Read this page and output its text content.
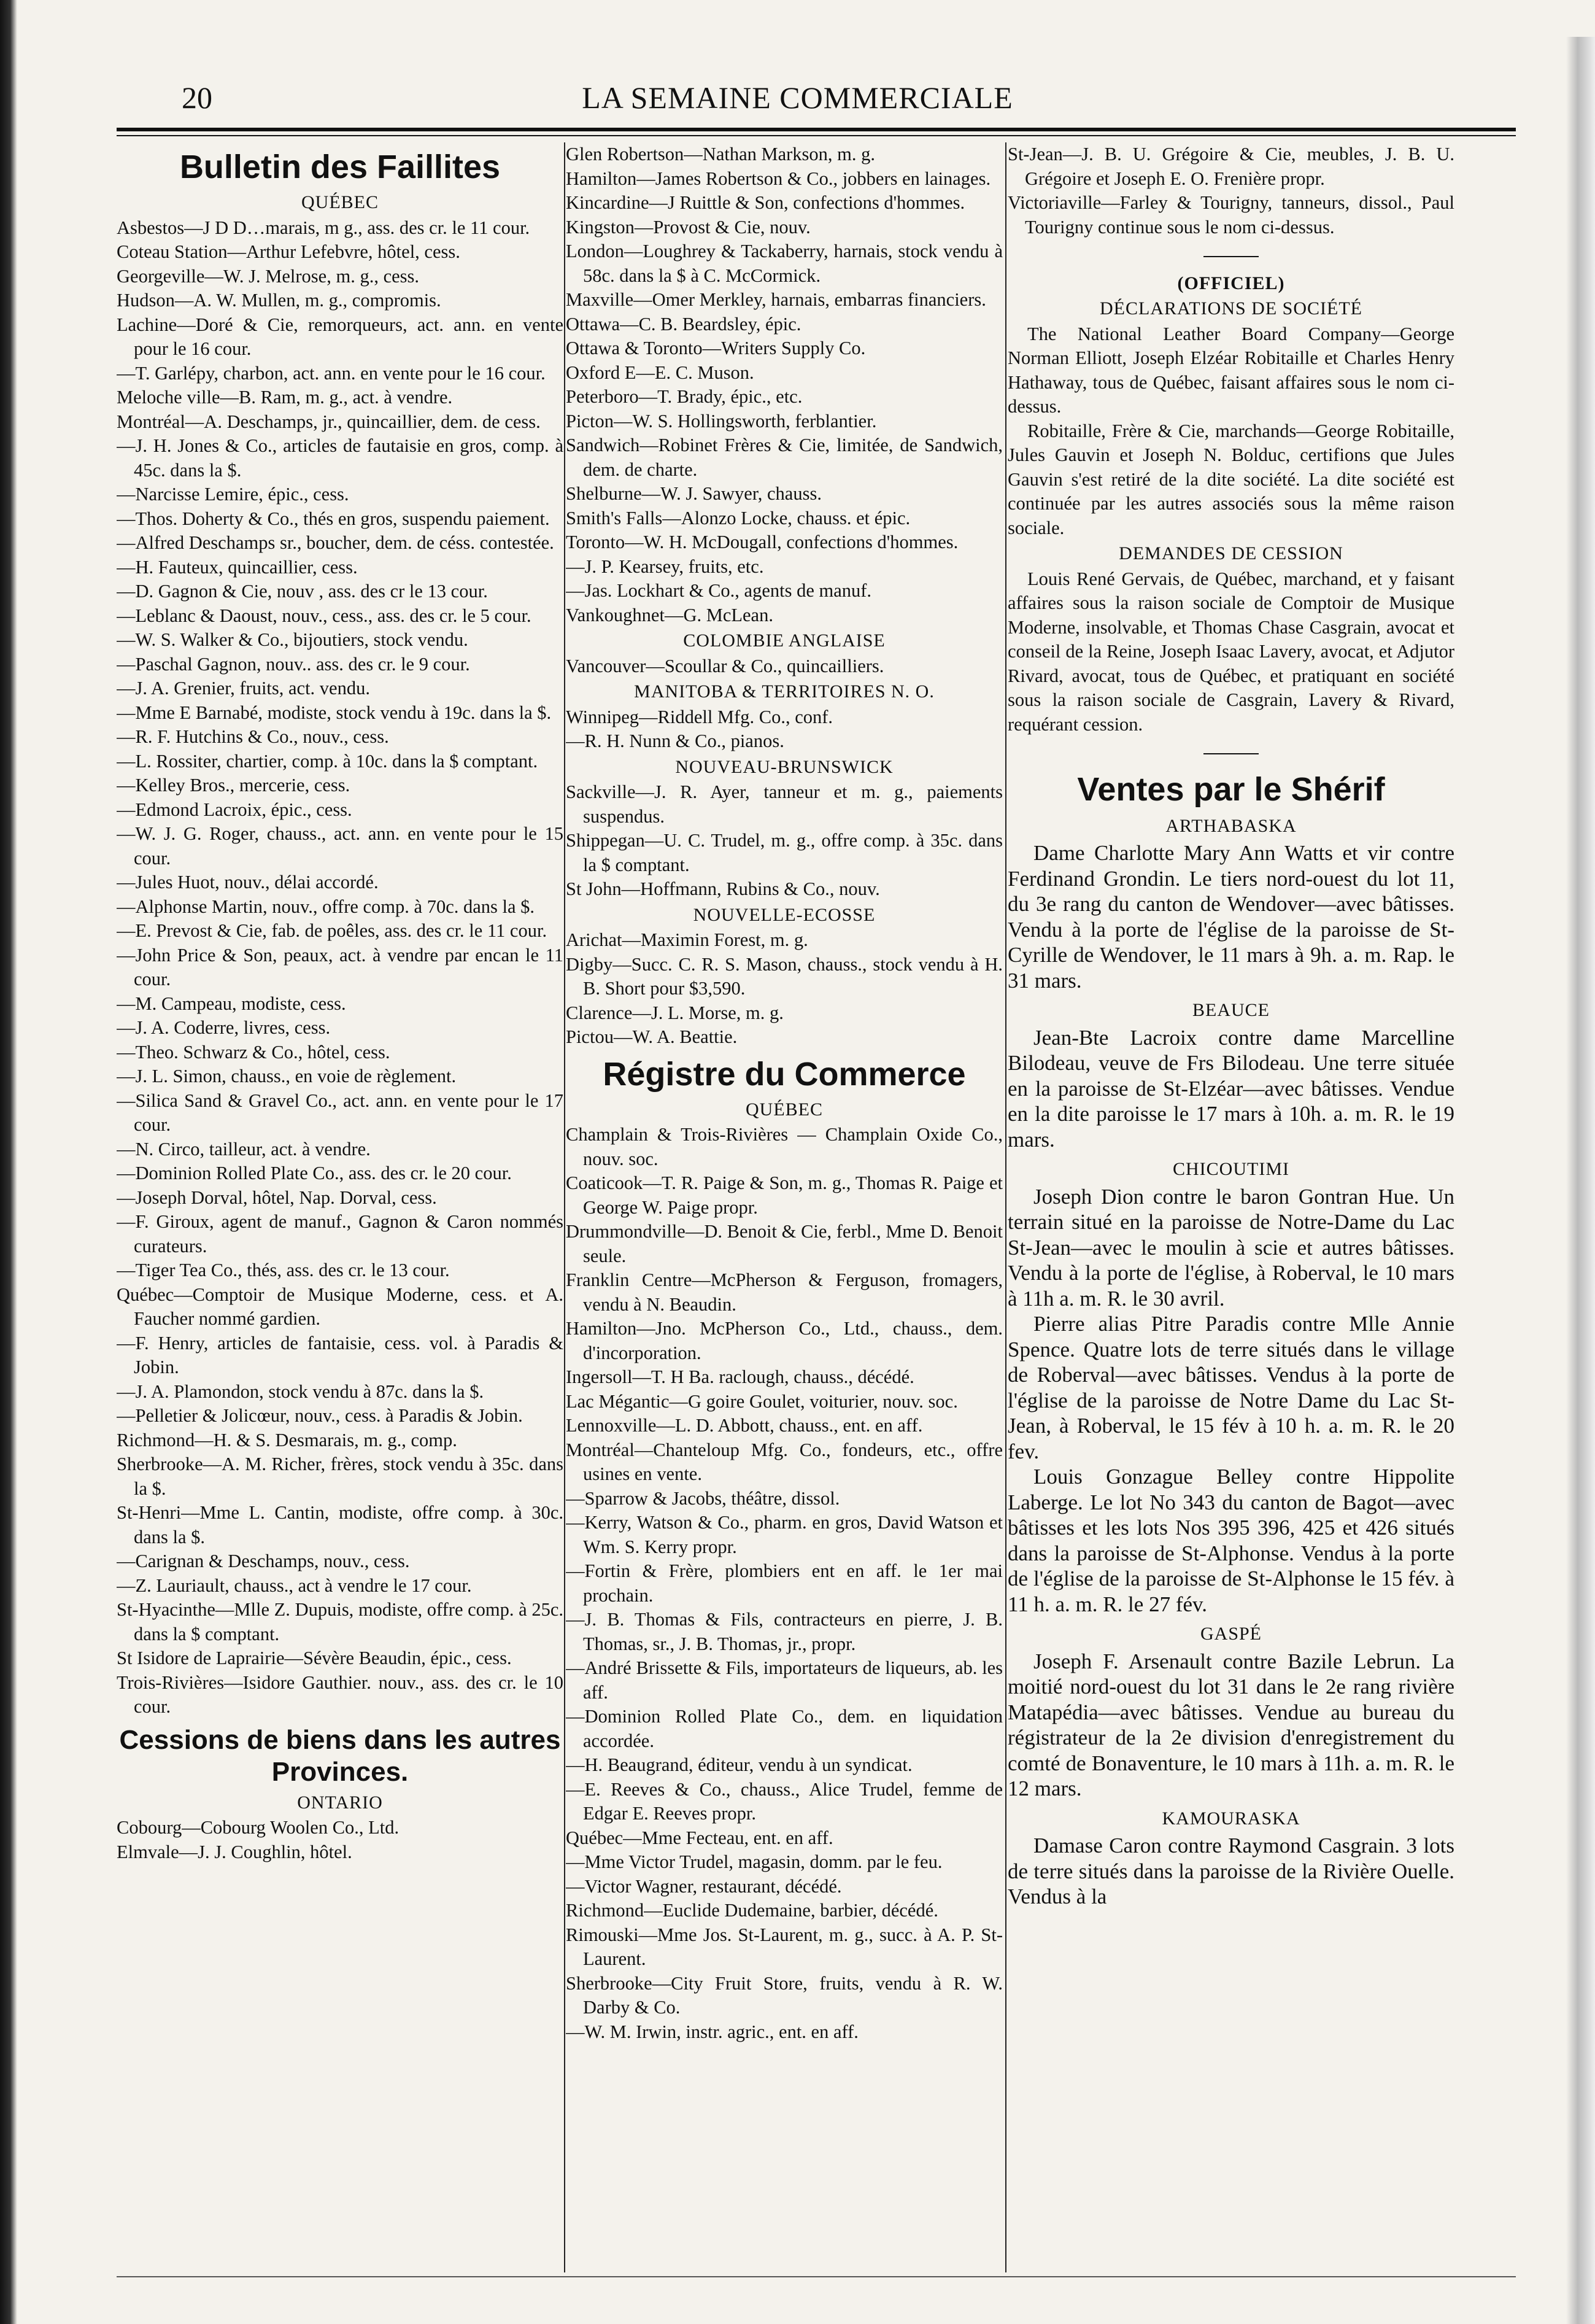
20	LA SEMAINE COMMERCIALE
Bulletin des Faillites
QUÉBEC

Asbestos—J D D…marais, m g., ass. des cr. le 11 cour.

Coteau Station—Arthur Lefebvre, hôtel, cess.

Georgeville—W. J. Melrose, m. g., cess.

Hudson—A. W. Mullen, m. g., compromis.

Lachine—Doré & Cie, remorqueurs, act. ann. en vente pour le 16 cour.

—T. Garlépy, charbon, act. ann. en vente pour le 16 cour.

Meloche ville—B. Ram, m. g., act. à vendre.

Montréal—A. Deschamps, jr., quincaillier, dem. de cess.

—J. H. Jones & Co., articles de fautaisie en gros, comp. à 45c. dans la $.

—Narcisse Lemire, épic., cess.

—Thos. Doherty & Co., thés en gros, suspendu paiement.

—Alfred Deschamps sr., boucher, dem. de céss. contestée.

—H. Fauteux, quincaillier, cess.

—D. Gagnon & Cie, nouv , ass. des cr le 13 cour.

—Leblanc & Daoust, nouv., cess., ass. des cr. le 5 cour.

—W. S. Walker & Co., bijoutiers, stock vendu.

—Paschal Gagnon, nouv.. ass. des cr. le 9 cour.

—J. A. Grenier, fruits, act. vendu.

—Mme E Barnabé, modiste, stock vendu à 19c. dans la $.

—R. F. Hutchins & Co., nouv., cess.

—L. Rossiter, chartier, comp. à 10c. dans la $ comptant.

—Kelley Bros., mercerie, cess.

—Edmond Lacroix, épic., cess.

—W. J. G. Roger, chauss., act. ann. en vente pour le 15 cour.

—Jules Huot, nouv., délai accordé.

—Alphonse Martin, nouv., offre comp. à 70c. dans la $.

—E. Prevost & Cie, fab. de poêles, ass. des cr. le 11 cour.

—John Price & Son, peaux, act. à vendre par encan le 11 cour.

—M. Campeau, modiste, cess.

—J. A. Coderre, livres, cess.

—Theo. Schwarz & Co., hôtel, cess.

—J. L. Simon, chauss., en voie de règlement.

—Silica Sand & Gravel Co., act. ann. en vente pour le 17 cour.

—N. Circo, tailleur, act. à vendre.

—Dominion Rolled Plate Co., ass. des cr. le 20 cour.

—Joseph Dorval, hôtel, Nap. Dorval, cess.

—F. Giroux, agent de manuf., Gagnon & Caron nommés curateurs.

—Tiger Tea Co., thés, ass. des cr. le 13 cour.

Québec—Comptoir de Musique Moderne, cess. et A. Faucher nommé gardien.

—F. Henry, articles de fantaisie, cess. vol. à Paradis & Jobin.

—J. A. Plamondon, stock vendu à 87c. dans la $.

—Pelletier & Jolicœur, nouv., cess. à Paradis & Jobin.

Richmond—H. & S. Desmarais, m. g., comp.

Sherbrooke—A. M. Richer, frères, stock vendu à 35c. dans la $.

St-Henri—Mme L. Cantin, modiste, offre comp. à 30c. dans la $.

—Carignan & Deschamps, nouv., cess.

—Z. Lauriault, chauss., act à vendre le 17 cour.

St-Hyacinthe—Mlle Z. Dupuis, modiste, offre comp. à 25c. dans la $ comptant.

St Isidore de Laprairie—Sévère Beaudin, épic., cess.

Trois-Rivières—Isidore Gauthier. nouv., ass. des cr. le 10 cour.

Cessions de biens dans les autres Provinces.
ONTARIO

Cobourg—Cobourg Woolen Co., Ltd.

Elmvale—J. J. Coughlin, hôtel.

Glen Robertson—Nathan Markson, m. g.

Hamilton—James Robertson & Co., jobbers en lainages.

Kincardine—J Ruittle & Son, confections d'hommes.

Kingston—Provost & Cie, nouv.

London—Loughrey & Tackaberry, harnais, stock vendu à 58c. dans la $ à C. McCormick.

Maxville—Omer Merkley, harnais, embarras financiers.

Ottawa—C. B. Beardsley, épic.

Ottawa & Toronto—Writers Supply Co.

Oxford E—E. C. Muson.

Peterboro—T. Brady, épic., etc.

Picton—W. S. Hollingsworth, ferblantier.

Sandwich—Robinet Frères & Cie, limitée, de Sandwich, dem. de charte.

Shelburne—W. J. Sawyer, chauss.

Smith's Falls—Alonzo Locke, chauss. et épic.

Toronto—W. H. McDougall, confections d'hommes.

—J. P. Kearsey, fruits, etc.

—Jas. Lockhart & Co., agents de manuf.

Vankoughnet—G. McLean.

COLOMBIE ANGLAISE

Vancouver—Scoullar & Co., quincailliers.

MANITOBA & TERRITOIRES N. O.

Winnipeg—Riddell Mfg. Co., conf.

—R. H. Nunn & Co., pianos.

NOUVEAU-BRUNSWICK

Sackville—J. R. Ayer, tanneur et m. g., paiements suspendus.

Shippegan—U. C. Trudel, m. g., offre comp. à 35c. dans la $ comptant.

St John—Hoffmann, Rubins & Co., nouv.

NOUVELLE-ECOSSE

Arichat—Maximin Forest, m. g.

Digby—Succ. C. R. S. Mason, chauss., stock vendu à H. B. Short pour $3,590.

Clarence—J. L. Morse, m. g.

Pictou—W. A. Beattie.

Régistre du Commerce
QUÉBEC

Champlain & Trois-Rivières — Champlain Oxide Co., nouv. soc.

Coaticook—T. R. Paige & Son, m. g., Thomas R. Paige et George W. Paige propr.

Drummondville—D. Benoit & Cie, ferbl., Mme D. Benoit seule.

Franklin Centre—McPherson & Ferguson, fromagers, vendu à N. Beaudin.

Hamilton—Jno. McPherson Co., Ltd., chauss., dem. d'incorporation.

Ingersoll—T. H Ba. raclough, chauss., décédé.

Lac Mégantic—G goire Goulet, voiturier, nouv. soc.

Lennoxville—L. D. Abbott, chauss., ent. en aff.

Montréal—Chanteloup Mfg. Co., fondeurs, etc., offre usines en vente.

—Sparrow & Jacobs, théâtre, dissol.

—Kerry, Watson & Co., pharm. en gros, David Watson et Wm. S. Kerry propr.

—Fortin & Frère, plombiers ent en aff. le 1er mai prochain.

—J. B. Thomas & Fils, contracteurs en pierre, J. B. Thomas, sr., J. B. Thomas, jr., propr.

—André Brissette & Fils, importateurs de liqueurs, ab. les aff.

—Dominion Rolled Plate Co., dem. en liquidation accordée.

—H. Beaugrand, éditeur, vendu à un syndicat.

—E. Reeves & Co., chauss., Alice Trudel, femme de Edgar E. Reeves propr.

Québec—Mme Fecteau, ent. en aff.

—Mme Victor Trudel, magasin, domm. par le feu.

—Victor Wagner, restaurant, décédé.

Richmond—Euclide Dudemaine, barbier, décédé.

Rimouski—Mme Jos. St-Laurent, m. g., succ. à A. P. St-Laurent.

Sherbrooke—City Fruit Store, fruits, vendu à R. W. Darby & Co.

—W. M. Irwin, instr. agric., ent. en aff.

St-Jean—J. B. U. Grégoire & Cie, meubles, J. B. U. Grégoire et Joseph E. O. Frenière propr.

Victoriaville—Farley & Tourigny, tanneurs, dissol., Paul Tourigny continue sous le nom ci-dessus.

(OFFICIEL)
DÉCLARATIONS DE SOCIÉTÉ

The National Leather Board Company—George Norman Elliott, Joseph Elzéar Robitaille et Charles Henry Hathaway, tous de Québec, faisant affaires sous le nom ci-dessus.

Robitaille, Frère & Cie, marchands—George Robitaille, Jules Gauvin et Joseph N. Bolduc, certifions que Jules Gauvin s'est retiré de la dite société. La dite société est continuée par les autres associés sous la même raison sociale.

DEMANDES DE CESSION

Louis René Gervais, de Québec, marchand, et y faisant affaires sous la raison sociale de Comptoir de Musique Moderne, insolvable, et Thomas Chase Casgrain, avocat et conseil de la Reine, Joseph Isaac Lavery, avocat, et Adjutor Rivard, avocat, tous de Québec, et pratiquant en société sous la raison sociale de Casgrain, Lavery & Rivard, requérant cession.

Ventes par le Shérif
ARTHABASKA

Dame Charlotte Mary Ann Watts et vir contre Ferdinand Grondin. Le tiers nord-ouest du lot 11, du 3e rang du canton de Wendover—avec bâtisses. Vendu à la porte de l'église de la paroisse de St-Cyrille de Wendover, le 11 mars à 9h. a. m. Rap. le 31 mars.

BEAUCE

Jean-Bte Lacroix contre dame Marcelline Bilodeau, veuve de Frs Bilodeau. Une terre située en la paroisse de St-Elzéar—avec bâtisses. Vendue en la dite paroisse le 17 mars à 10h. a. m. R. le 19 mars.

CHICOUTIMI

Joseph Dion contre le baron Gontran Hue. Un terrain situé en la paroisse de Notre-Dame du Lac St-Jean—avec le moulin à scie et autres bâtisses. Vendu à la porte de l'église, à Roberval, le 10 mars à 11h a. m. R. le 30 avril.

Pierre alias Pitre Paradis contre Mlle Annie Spence. Quatre lots de terre situés dans le village de Roberval—avec bâtisses. Vendus à la porte de l'église de la paroisse de Notre Dame du Lac St-Jean, à Roberval, le 15 fév à 10 h. a. m. R. le 20 fev.

Louis Gonzague Belley contre Hippolite Laberge. Le lot No 343 du canton de Bagot—avec bâtisses et les lots Nos 395 396, 425 et 426 situés dans la paroisse de St-Alphonse. Vendus à la porte de l'église de la paroisse de St-Alphonse le 15 fév. à 11 h. a. m. R. le 27 fév.

GASPÉ

Joseph F. Arsenault contre Bazile Lebrun. La moitié nord-ouest du lot 31 dans le 2e rang rivière Matapédia—avec bâtisses. Vendue au bureau du régistrateur de la 2e division d'enregistrement du comté de Bonaventure, le 10 mars à 11h. a. m. R. le 12 mars.

KAMOURASKA

Damase Caron contre Raymond Casgrain. 3 lots de terre situés dans la paroisse de la Rivière Ouelle. Vendus à la
